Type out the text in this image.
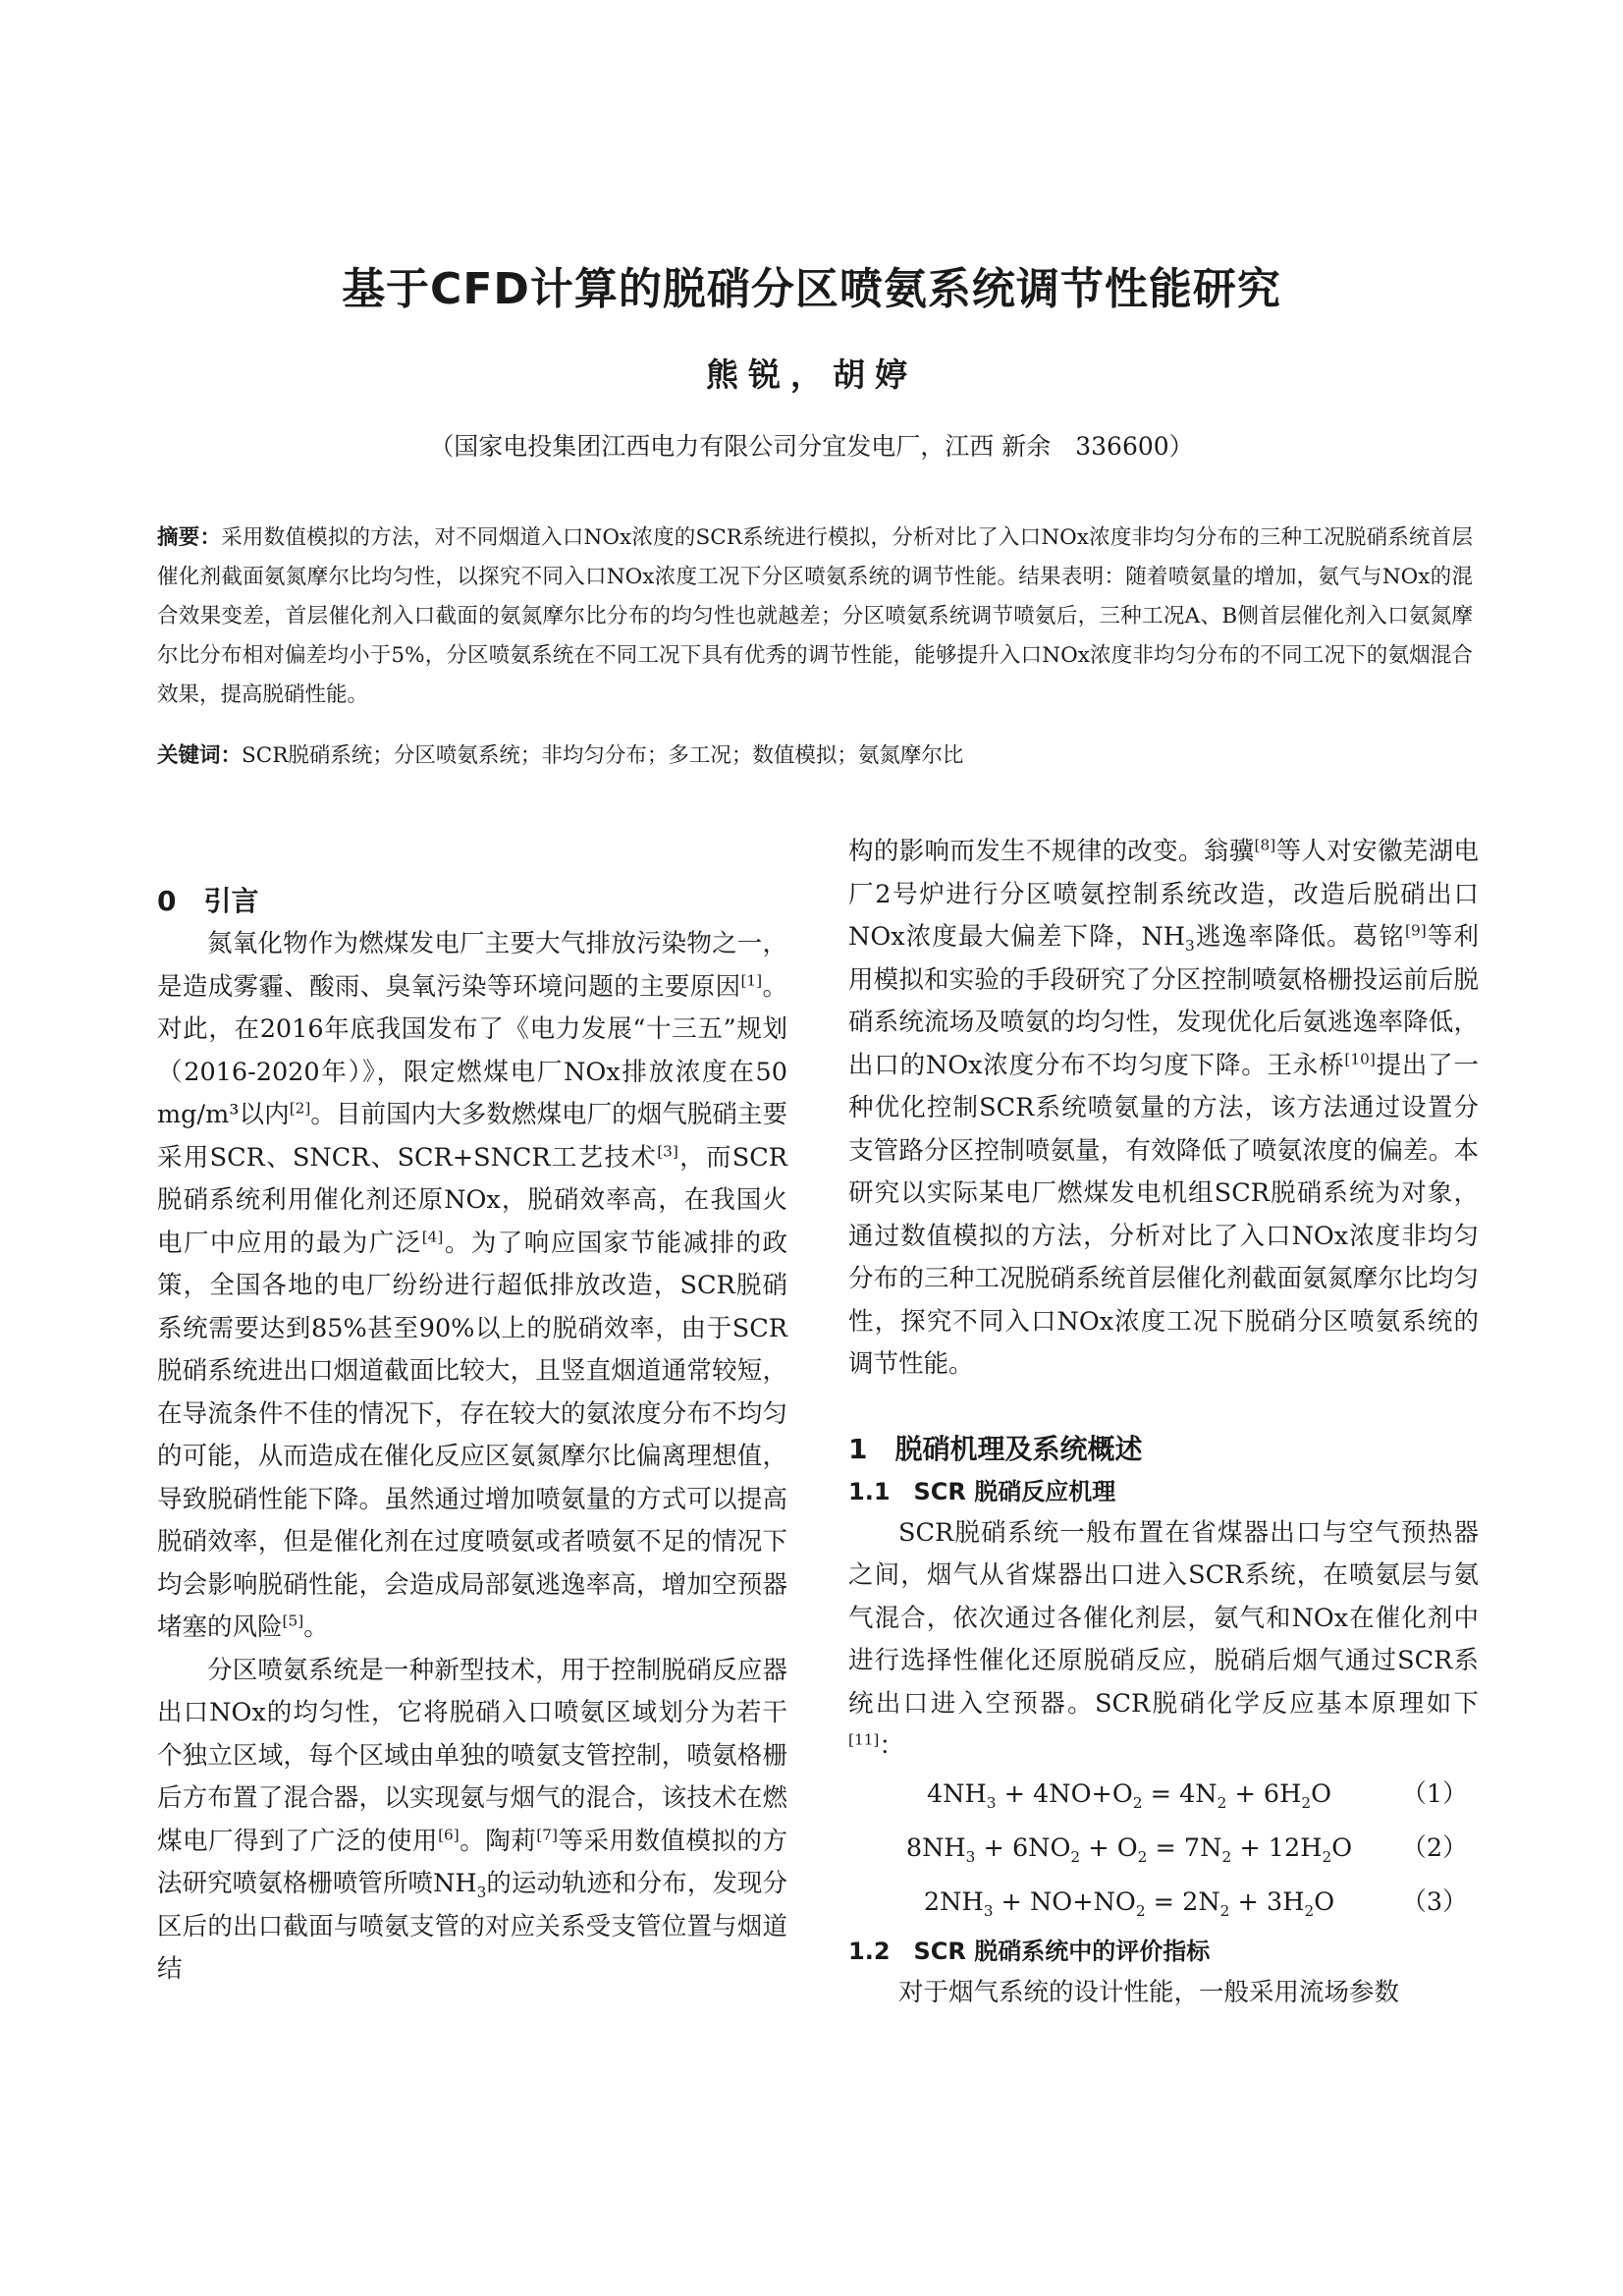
基于CFD计算的脱硝分区喷氨系统调节性能研究
熊锐，胡婷
（国家电投集团江西电力有限公司分宜发电厂，江西 新余　336600）

摘要：采用数值模拟的方法，对不同烟道入口NOx浓度的SCR系统进行模拟，分析对比了入口NOx浓度非均匀分布的三种工况脱硝系统首层催化剂截面氨氮摩尔比均匀性，以探究不同入口NOx浓度工况下分区喷氨系统的调节性能。结果表明：随着喷氨量的增加，氨气与NOx的混合效果变差，首层催化剂入口截面的氨氮摩尔比分布的均匀性也就越差；分区喷氨系统调节喷氨后，三种工况A、B侧首层催化剂入口氨氮摩尔比分布相对偏差均小于5%，分区喷氨系统在不同工况下具有优秀的调节性能，能够提升入口NOx浓度非均匀分布的不同工况下的氨烟混合效果，提高脱硝性能。

关键词：SCR脱硝系统；分区喷氨系统；非均匀分布；多工况；数值模拟；氨氮摩尔比

0　引言

氮氧化物作为燃煤发电厂主要大气排放污染物之一，是造成雾霾、酸雨、臭氧污染等环境问题的主要原因[1]。对此，在2016年底我国发布了《电力发展“十三五”规划（2016-2020年）》，限定燃煤电厂NOx排放浓度在50 mg/m³以内[2]。目前国内大多数燃煤电厂的烟气脱硝主要采用SCR、SNCR、SCR+SNCR工艺技术[3]，而SCR脱硝系统利用催化剂还原NOx，脱硝效率高，在我国火电厂中应用的最为广泛[4]。为了响应国家节能减排的政策，全国各地的电厂纷纷进行超低排放改造，SCR脱硝系统需要达到85%甚至90%以上的脱硝效率，由于SCR脱硝系统进出口烟道截面比较大，且竖直烟道通常较短，在导流条件不佳的情况下，存在较大的氨浓度分布不均匀的可能，从而造成在催化反应区氨氮摩尔比偏离理想值，导致脱硝性能下降。虽然通过增加喷氨量的方式可以提高脱硝效率，但是催化剂在过度喷氨或者喷氨不足的情况下均会影响脱硝性能，会造成局部氨逃逸率高，增加空预器堵塞的风险[5]。

分区喷氨系统是一种新型技术，用于控制脱硝反应器出口NOx的均匀性，它将脱硝入口喷氨区域划分为若干个独立区域，每个区域由单独的喷氨支管控制，喷氨格栅后方布置了混合器，以实现氨与烟气的混合，该技术在燃煤电厂得到了广泛的使用[6]。陶莉[7]等采用数值模拟的方法研究喷氨格栅喷管所喷$NH_3$的运动轨迹和分布，发现分区后的出口截面与喷氨支管的对应关系受支管位置与烟道结

构的影响而发生不规律的改变。翁骥[8]等人对安徽芜湖电厂2号炉进行分区喷氨控制系统改造，改造后脱硝出口NOx浓度最大偏差下降，$NH_3$逃逸率降低。葛铭[9]等利用模拟和实验的手段研究了分区控制喷氨格栅投运前后脱硝系统流场及喷氨的均匀性，发现优化后氨逃逸率降低，出口的NOx浓度分布不均匀度下降。王永桥[10]提出了一种优化控制SCR系统喷氨量的方法，该方法通过设置分支管路分区控制喷氨量，有效降低了喷氨浓度的偏差。本研究以实际某电厂燃煤发电机组SCR脱硝系统为对象，通过数值模拟的方法，分析对比了入口NOx浓度非均匀分布的三种工况脱硝系统首层催化剂截面氨氮摩尔比均匀性，探究不同入口NOx浓度工况下脱硝分区喷氨系统的调节性能。

1　脱硝机理及系统概述
1.1　SCR 脱硝反应机理

SCR脱硝系统一般布置在省煤器出口与空气预热器之间，烟气从省煤器出口进入SCR系统，在喷氨层与氨气混合，依次通过各催化剂层，氨气和NOx在催化剂中进行选择性催化还原脱硝反应，脱硝后烟气通过SCR系统出口进入空预器。SCR脱硝化学反应基本原理如下[11]：

$4NH_3 + 4NO+O_2 = 4N_2 + 6H_2O$	（1）
$8NH_3 + 6NO_2 + O_2 = 7N_2 + 12H_2O$	（2）
$2NH_3 + NO+NO_2 = 2N_2 + 3H_2O$	（3）
1.2　SCR 脱硝系统中的评价指标

对于烟气系统的设计性能，一般采用流场参数
